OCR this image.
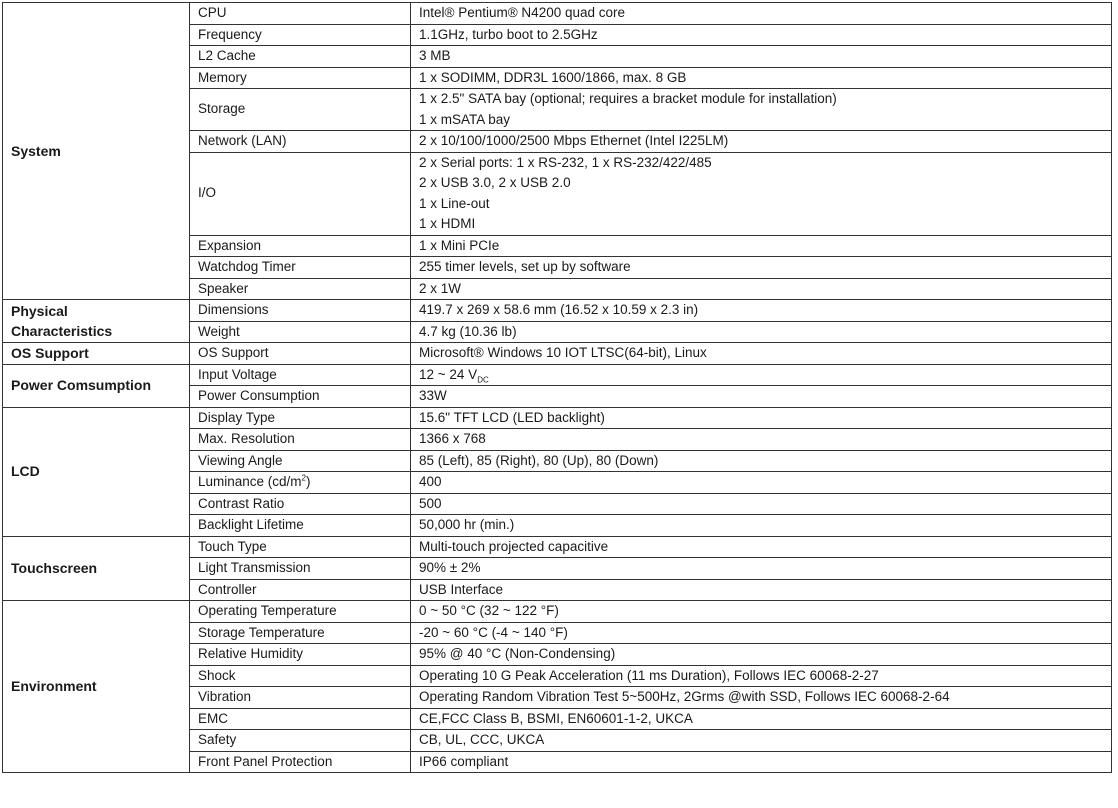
System	CPU	Intel® Pentium® N4200 quad core
	Frequency	1.1GHz, turbo boot to 2.5GHz
	L2 Cache	3 MB
	Memory	1 x SODIMM, DDR3L 1600/1866, max. 8 GB
	Storage	1 x 2.5" SATA bay (optional; requires a bracket module for installation)
1 x mSATA bay

	Network (LAN)	2 x 10/100/1000/2500 Mbps Ethernet (Intel I225LM)
	I/O	2 x Serial ports: 1 x RS-232, 1 x RS-232/422/485
2 x USB 3.0, 2 x USB 2.0
1 x Line-out
1 x HDMI

	Expansion	1 x Mini PCIe
	Watchdog Timer	255 timer levels, set up by software
	Speaker	2 x 1W

Physical
Characteristics	Dimensions	419.7 x 269 x 58.6 mm (16.52 x 10.59 x 2.3 in)
	Weight	4.7 kg (10.36 lb)
OS Support	OS Support	Microsoft® Windows 10 IOT LTSC(64-bit), Linux
Power Comsumption	Input Voltage	12 ~ 24 $V_{DC}$
	Power Consumption	33W
LCD	Display Type	15.6" TFT LCD (LED backlight)
	Max. Resolution	1366 x 768
	Viewing Angle	85 (Left), 85 (Right), 80 (Up), 80 (Down)
	Luminance $(cd/m^2)$	400
	Contrast Ratio	500
	Backlight Lifetime	50,000 hr (min.)
Touchscreen	Touch Type	Multi-touch projected capacitive
	Light Transmission	90% ± 2%
	Controller	USB Interface
Environment	Operating Temperature	0 ~ 50 °C (32 ~ 122 °F)
	Storage Temperature	-20 ~ 60 °C (-4 ~ 140 °F)
	Relative Humidity	95% @ 40 °C (Non-Condensing)
	Shock	Operating 10 G Peak Acceleration (11 ms Duration), Follows IEC 60068-2-27
	Vibration	Operating Random Vibration Test 5~500Hz, 2Grms @with SSD, Follows IEC 60068-2-64
	EMC	CE,FCC Class B, BSMI, EN60601-1-2, UKCA
	Safety	CB, UL, CCC, UKCA
	Front Panel Protection	IP66 compliant
